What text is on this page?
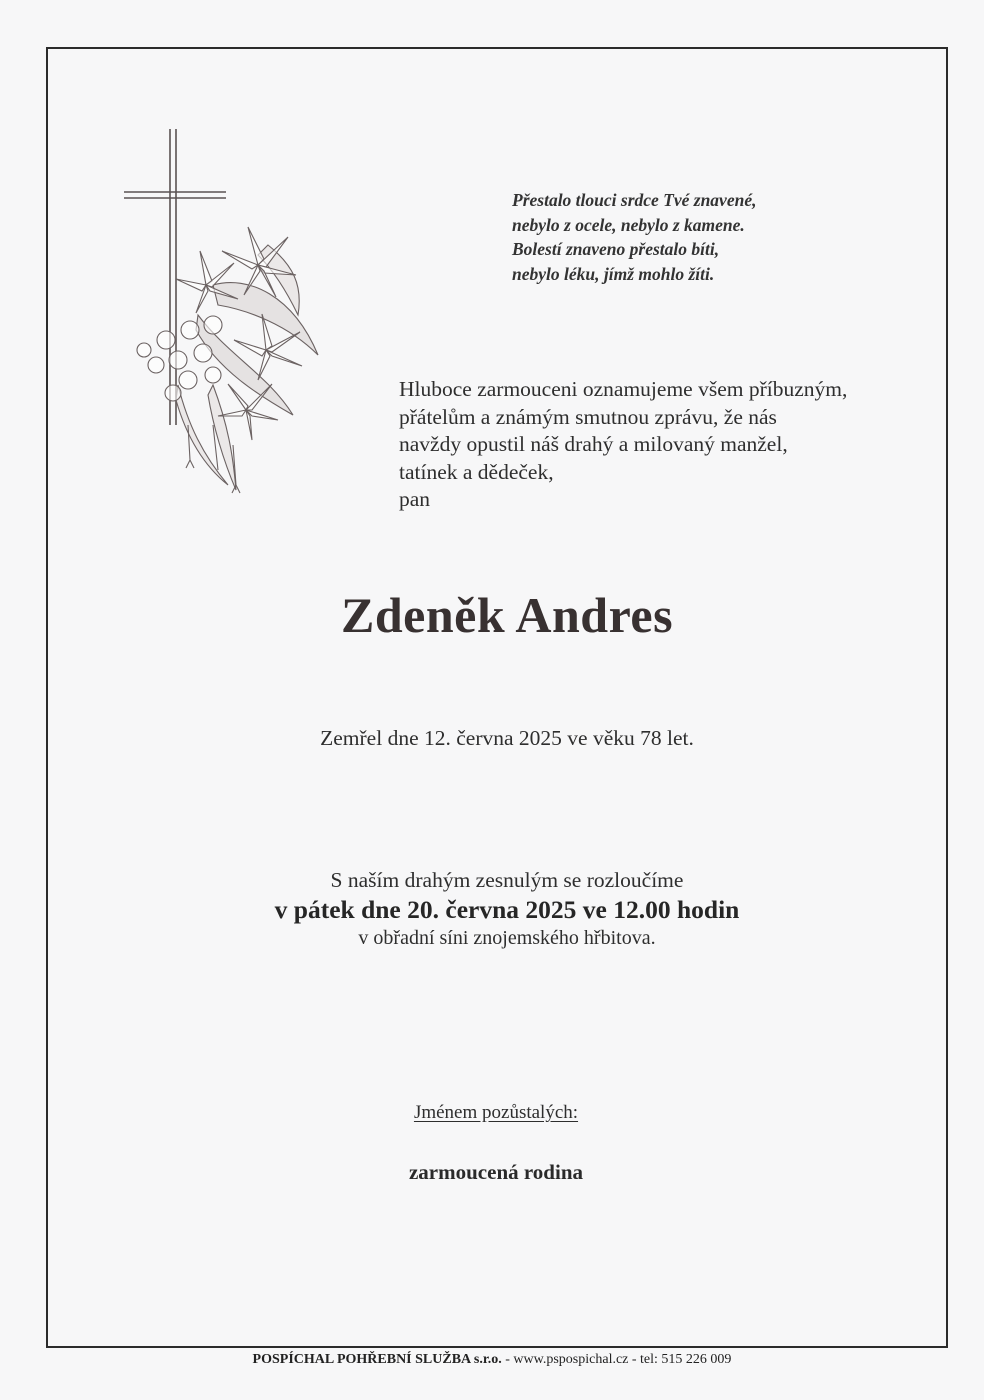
Přestalo tlouci srdce Tvé znavené,
nebylo z ocele, nebylo z kamene.
Bolestí znaveno přestalo bíti,
nebylo léku, jímž mohlo žíti.
Hluboce zarmouceni oznamujeme všem příbuzným,
přátelům a známým smutnou zprávu, že nás
navždy opustil náš drahý a milovaný manžel,
tatínek a dědeček,
pan
Zdeněk Andres
Zemřel dne 12. června 2025 ve věku 78 let.
S naším drahým zesnulým se rozloučíme
v pátek dne 20. června 2025 ve 12.00 hodin
v obřadní síni znojemského hřbitova.
Jménem pozůstalých:
zarmoucená rodina
POSPÍCHAL POHŘEBNÍ SLUŽBA s.r.o. - www.pspospichal.cz - tel: 515 226 009
